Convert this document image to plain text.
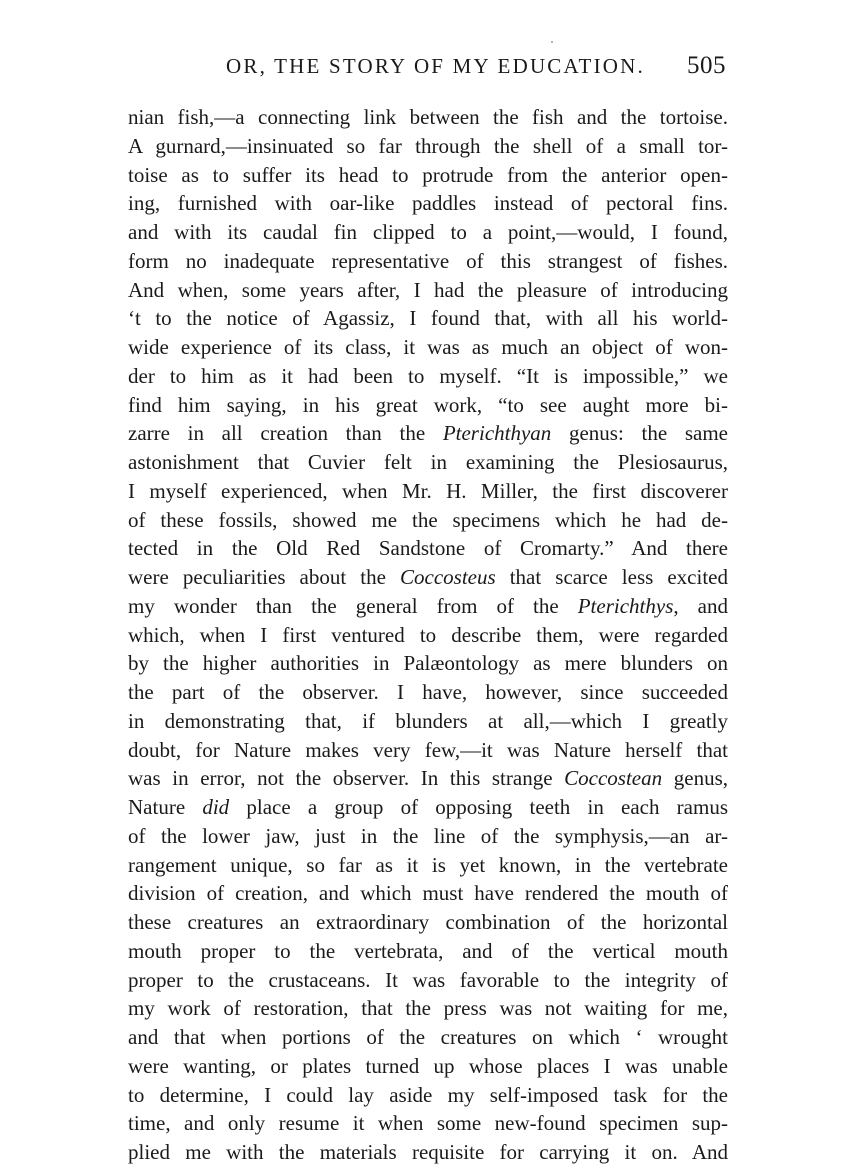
OR, THE STORY OF MY EDUCATION. 505
nian fish,—a connecting link between the fish and the tortoise.
A gurnard,—insinuated so far through the shell of a small tor-
toise as to suffer its head to protrude from the anterior open-
ing, furnished with oar-like paddles instead of pectoral fins.
and with its caudal fin clipped to a point,—would, I found,
form no inadequate representative of this strangest of fishes.
And when, some years after, I had the pleasure of introducing
‘t to the notice of Agassiz, I found that, with all his world-
wide experience of its class, it was as much an object of won-
der to him as it had been to myself. “It is impossible,” we
find him saying, in his great work, “to see aught more bi-
zarre in all creation than the Pterichthyan genus: the same
astonishment that Cuvier felt in examining the Plesiosaurus,
I myself experienced, when Mr. H. Miller, the first discoverer
of these fossils, showed me the specimens which he had de-
tected in the Old Red Sandstone of Cromarty.” And there
were peculiarities about the Coccosteus that scarce less excited
my wonder than the general from of the Pterichthys, and
which, when I first ventured to describe them, were regarded
by the higher authorities in Palæontology as mere blunders on
the part of the observer. I have, however, since succeeded
in demonstrating that, if blunders at all,—which I greatly
doubt, for Nature makes very few,—it was Nature herself that
was in error, not the observer. In this strange Coccostean genus,
Nature did place a group of opposing teeth in each ramus
of the lower jaw, just in the line of the symphysis,—an ar-
rangement unique, so far as it is yet known, in the vertebrate
division of creation, and which must have rendered the mouth of
these creatures an extraordinary combination of the horizontal
mouth proper to the vertebrata, and of the vertical mouth
proper to the crustaceans. It was favorable to the integrity of
my work of restoration, that the press was not waiting for me,
and that when portions of the creatures on which ‘ wrought
were wanting, or plates turned up whose places I was unable
to determine, I could lay aside my self-imposed task for the
time, and only resume it when some new-found specimen sup-
plied me with the materials requisite for carrying it on. And
